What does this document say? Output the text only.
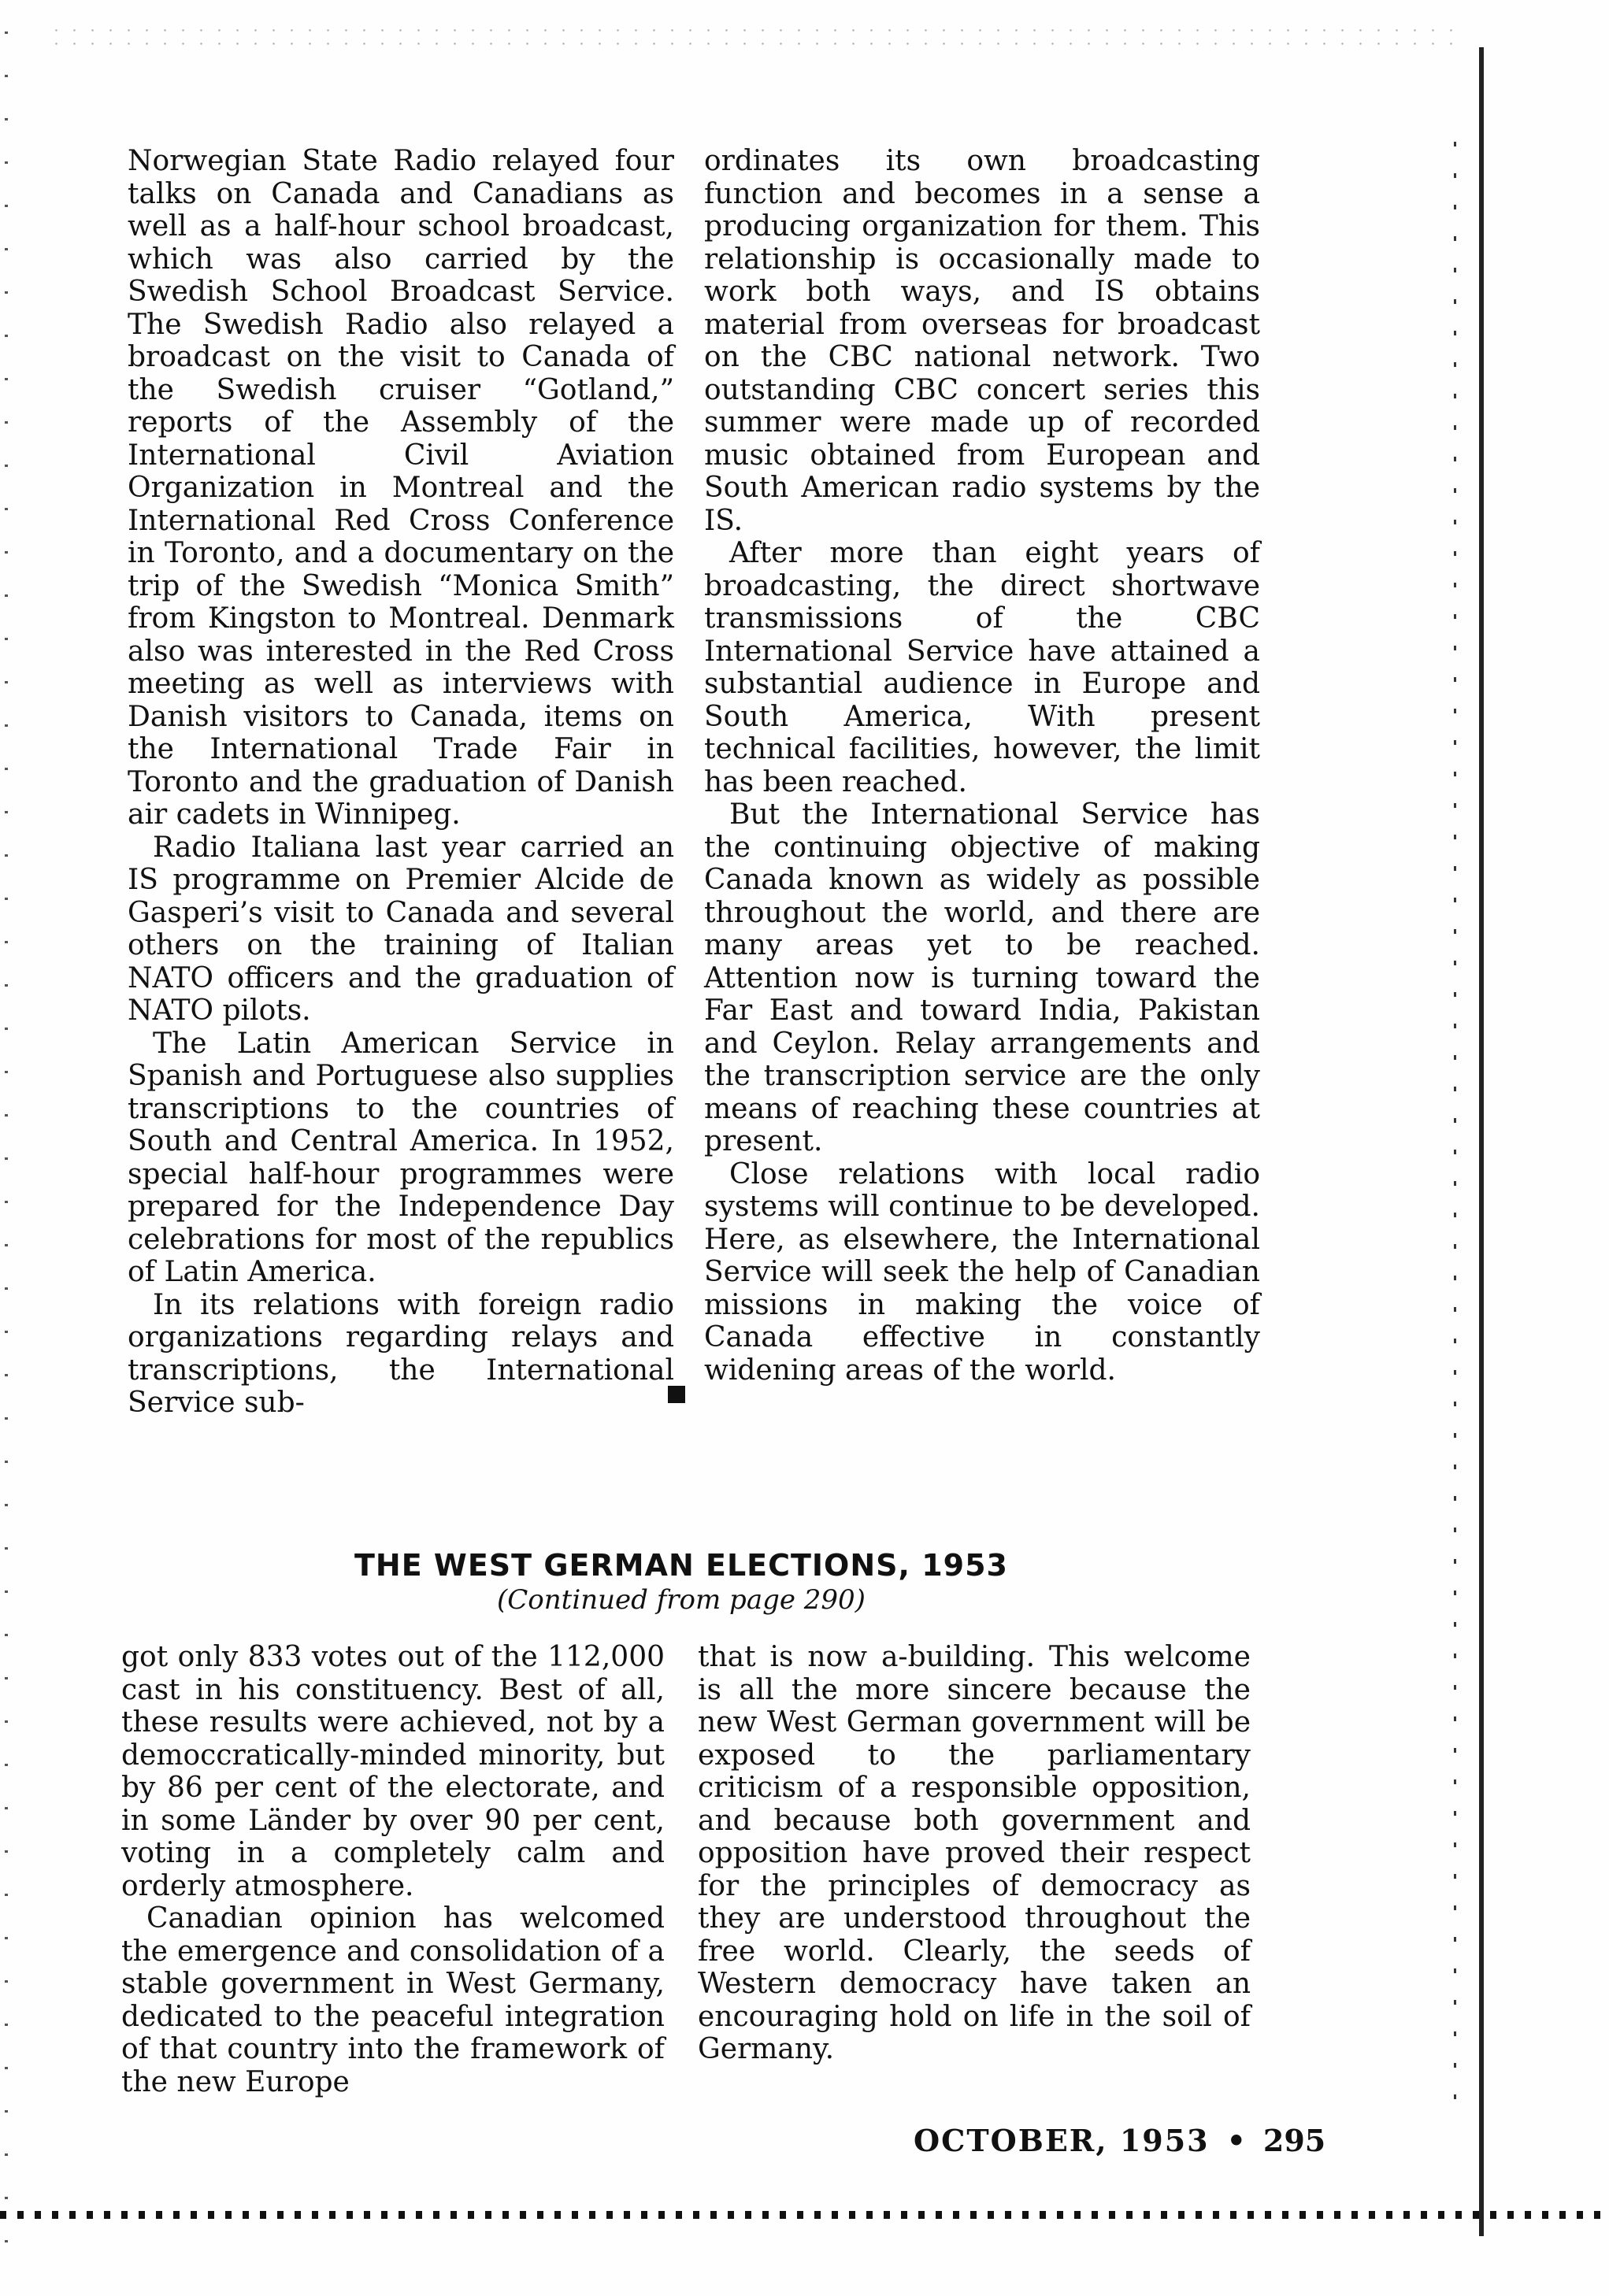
Norwegian State Radio relayed four talks on Canada and Canadians as well as a half-hour school broadcast, which was also carried by the Swedish School Broadcast Service. The Swedish Radio also relayed a broadcast on the visit to Canada of the Swedish cruiser “Gotland,” reports of the Assembly of the International Civil Aviation Organization in Montreal and the International Red Cross Conference in Toronto, and a documentary on the trip of the Swedish “Monica Smith” from Kingston to Montreal. Denmark also was interested in the Red Cross meeting as well as interviews with Danish visitors to Canada, items on the International Trade Fair in Toronto and the graduation of Danish air cadets in Winnipeg.

Radio Italiana last year carried an IS programme on Premier Alcide de Gasperi’s visit to Canada and several others on the training of Italian NATO officers and the graduation of NATO pilots.

The Latin American Service in Spanish and Portuguese also supplies transcriptions to the countries of South and Central America. In 1952, special half-hour programmes were prepared for the Independence Day celebrations for most of the republics of Latin America.

In its relations with foreign radio organizations regarding relays and transcriptions, the International Service sub-

ordinates its own broadcasting function and becomes in a sense a producing organization for them. This relationship is occasionally made to work both ways, and IS obtains material from overseas for broadcast on the CBC national network. Two outstanding CBC concert series this summer were made up of recorded music obtained from European and South American radio systems by the IS.

After more than eight years of broadcasting, the direct shortwave transmissions of the CBC International Service have attained a substantial audience in Europe and South America, With present technical facilities, however, the limit has been reached.

But the International Service has the continuing objective of making Canada known as widely as possible throughout the world, and there are many areas yet to be reached. Attention now is turning toward the Far East and toward India, Pakistan and Ceylon. Relay arrangements and the transcription service are the only means of reaching these countries at present.

Close relations with local radio systems will continue to be developed. Here, as elsewhere, the International Service will seek the help of Canadian missions in making the voice of Canada effective in constantly widening areas of the world.

THE WEST GERMAN ELECTIONS, 1953
(Continued from page 290)

got only 833 votes out of the 112,000 cast in his constituency. Best of all, these results were achieved, not by a democcratically-minded minority, but by 86 per cent of the electorate, and in some Länder by over 90 per cent, voting in a completely calm and orderly atmosphere.

Canadian opinion has welcomed the emergence and consolidation of a stable government in West Germany, dedicated to the peaceful integration of that country into the framework of the new Europe

that is now a-building. This welcome is all the more sincere because the new West German government will be exposed to the parliamentary criticism of a responsible opposition, and because both government and opposition have proved their respect for the principles of democracy as they are understood throughout the free world. Clearly, the seeds of Western democracy have taken an encouraging hold on life in the soil of Germany.

OCTOBER, 1953 • 295
